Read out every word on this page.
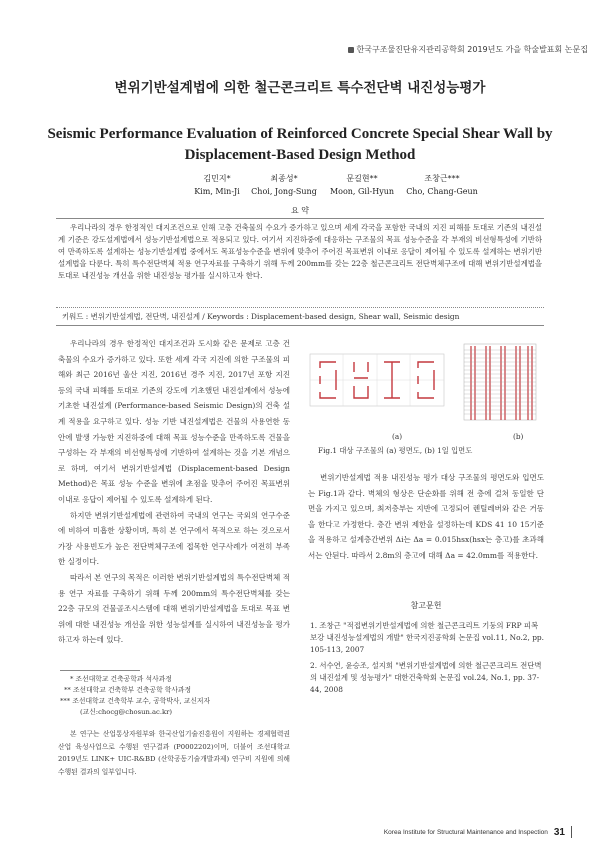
한국구조물진단유지관리공학회 2019년도 가을 학술발표회 논문집
변위기반설계법에 의한 철근콘크리트 특수전단벽 내진성능평가
Seismic Performance Evaluation of Reinforced Concrete Special Shear Wall by
Displacement-Based Design Method
김민지*
Kim, Min-Ji
최종성*
Choi, Jong-Sung
문길현**
Moon, Gil-Hyun
조창근***
Cho, Chang-Geun
요 약
우리나라의 경우 한정적인 대지조건으로 인해 고층 건축물의 수요가 증가하고 있으며 세계 각국을 포함한 국내의 지진 피해를 토대로 기존의 내진설계 기준은 강도설계법에서 성능기반설계법으로 적용되고 있다. 여기서 지진하중에 대응하는 구조물의 목표 성능수준을 각 부재의 비선형특성에 기반하여 만족하도록 설계하는 성능기반설계법 중에서도 목표성능수준을 변위에 맞추어 주어진 목표변위 이내로 응답이 제어될 수 있도록 설계하는 변위기반설계법을 다룬다. 특히 특수전단벽체 적용 연구자료를 구축하기 위해 두께 200mm를 갖는 22층 철근콘크리트 전단벽체구조에 대해 변위기반설계법을 토대로 내진성능 개선을 위한 내진성능 평가를 실시하고자 한다.
키워드 : 변위기반설계법, 전단벽, 내진설계 / Keywords : Displacement-based design, Shear wall, Seismic design

우리나라의 경우 한정적인 대지조건과 도시화 같은 문제로 고층 건축물의 수요가 증가하고 있다. 또한 세계 각국 지진에 의한 구조물의 피해와 최근 2016년 울산 지진, 2016년 경주 지진, 2017년 포항 지진 등의 국내 피해를 토대로 기존의 강도에 기초했던 내진설계에서 성능에 기초한 내진설계 (Performance-based Seismic Design)의 건축 설계 적용을 요구하고 있다. 성능 기반 내진설계법은 건물의 사용연한 동안에 발생 가능한 지진하중에 대해 목표 성능수준을 만족하도록 건물을 구성하는 각 부재의 비선형특성에 기반하여 설계하는 것을 기본 개념으로 하며, 여기서 변위기반설계법 (Displacement-based Design Method)은 목표 성능 수준을 변위에 초점을 맞추어 주어진 목표변위 이내로 응답이 제어될 수 있도록 설계하게 된다.

하지만 변위기반설계법에 관련하여 국내의 연구는 국외의 연구수준에 비하여 미흡한 상황이며, 특히 본 연구에서 목적으로 하는 것으로서 가장 사용빈도가 높은 전단벽체구조에 접목한 연구사례가 여전히 부족한 실정이다.

따라서 본 연구의 목적은 이러한 변위기반설계법의 특수전단벽체 적용 연구 자료를 구축하기 위해 두께 200mm의 특수전단벽체를 갖는 22층 규모의 건물골조시스템에 대해 변위기반설계법을 토대로 목표 변위에 대한 내진성능 개선을 위한 성능설계를 실시하여 내진성능을 평가하고자 하는데 있다.

* 조선대학교 건축공학과 석사과정
** 조선대학교 건축학부 건축공학 학사과정
*** 조선대학교 건축학부 교수, 공학박사, 교신저자
(교신:chocg@chosun.ac.kr)
본 연구는 산업통상자원부와 한국산업기술진흥원이 지원하는 경제협력권산업 육성사업으로 수행된 연구결과 (P0002202)이며, 더불어 조선대학교 2019년도 LINK+ UIC-R&BD (산학공동기술개발과제) 연구비 지원에 의해 수행된 결과의 일부입니다.
(a)	(b)
Fig.1 대상 구조물의 (a) 평면도, (b) 1일 입면도

변위기반설계법 적용 내진성능 평가 대상 구조물의 평면도와 입면도는 Fig.1과 같다. 벽체의 형상은 단순화를 위해 전 층에 걸쳐 동일한 단면을 가지고 있으며, 최저층부는 지반에 고정되어 렌틸레버와 같은 거동을 한다고 가정한다. 층간 변위 제한을 설정하는데 KDS 41 10 15기준을 적용하고 설계층간변위 Δi는 Δa = 0.015hsx(hsx는 층고)를 초과해서는 안된다. 따라서 2.8m의 층고에 대해 Δa = 42.0mm를 적용한다.

참고문헌
1. 조창근 "적접변위기반설계법에 의한 철근콘크리트 기둥의 FRP 피복보강 내진성능설계법의 개발" 한국지진공학회 논문집 vol.11, No.2, pp. 105-113, 2007
2. 서수연, 윤승조, 설지희 "변위기반설계법에 의한 철근콘크리트 전단벽의 내진설계 및 성능평가" 대한건축학회 논문집 vol.24, No.1, pp. 37-44, 2008
Korea Institute for Structural Maintenance and Inspection 31
